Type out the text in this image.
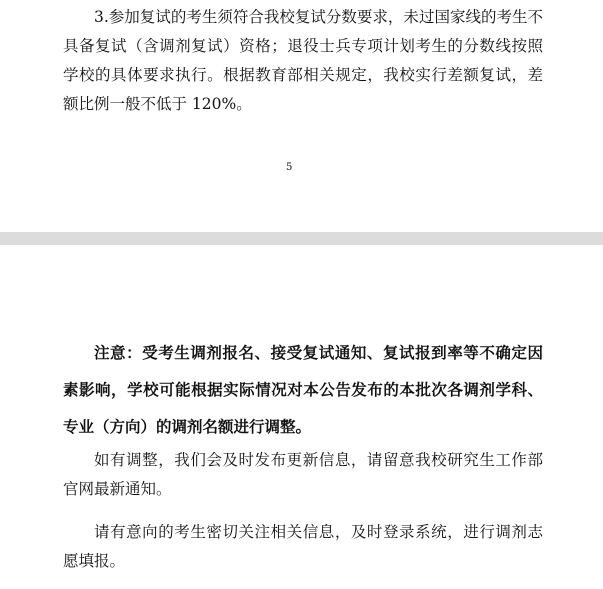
3.参加复试的考生须符合我校复试分数要求，未过国家线的考生不具备复试（含调剂复试）资格；退役士兵专项计划考生的分数线按照学校的具体要求执行。根据教育部相关规定，我校实行差额复试，差额比例一般不低于 120%。

5

注意：受考生调剂报名、接受复试通知、复试报到率等不确定因素影响，学校可能根据实际情况对本公告发布的本批次各调剂学科、专业（方向）的调剂名额进行调整。

如有调整，我们会及时发布更新信息，请留意我校研究生工作部官网最新通知。

请有意向的考生密切关注相关信息，及时登录系统，进行调剂志愿填报。
